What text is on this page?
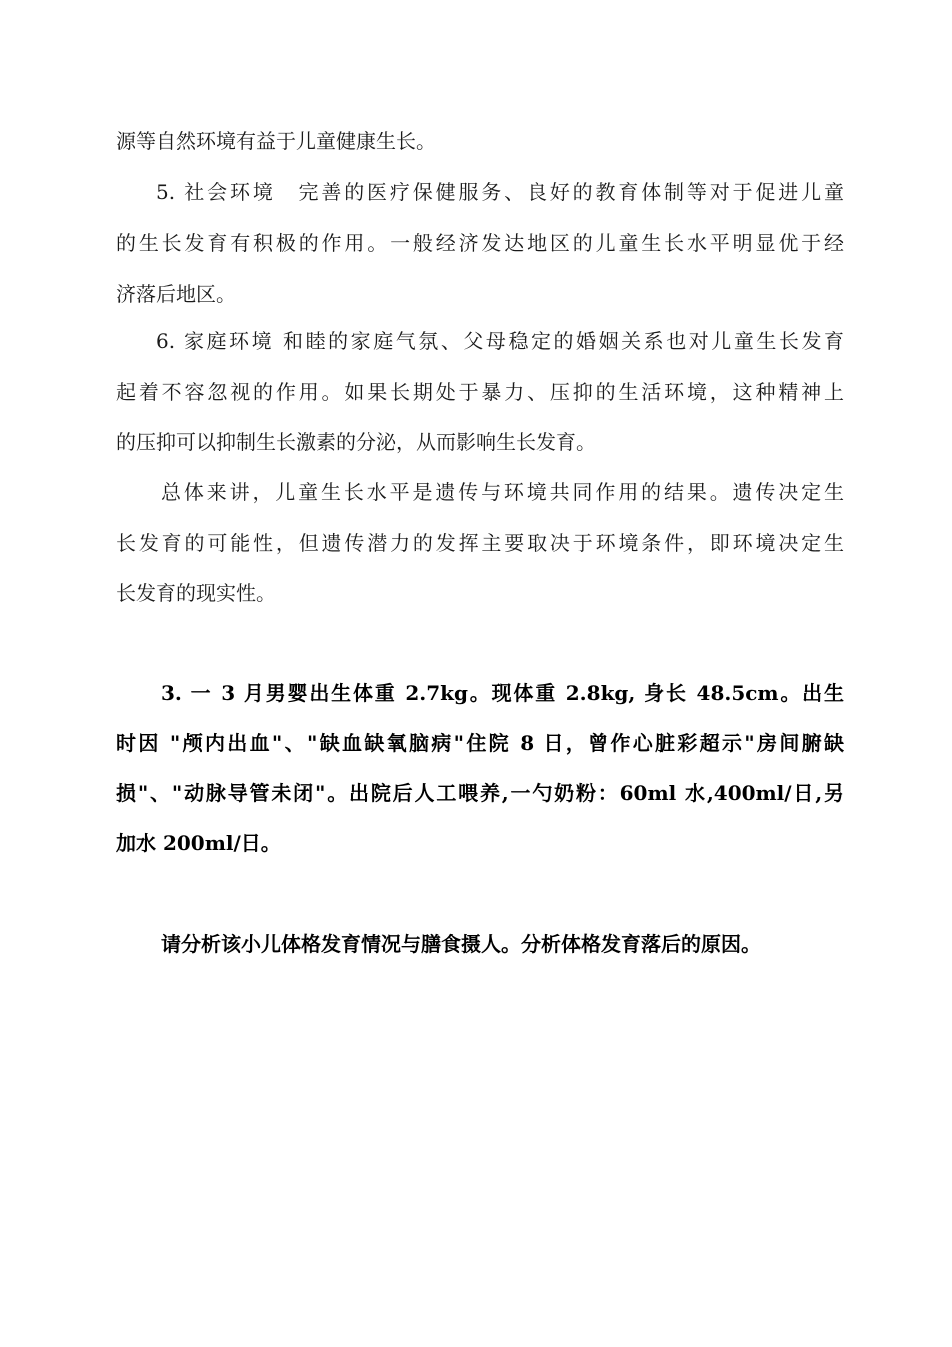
源等自然环境有益于儿童健康生长。
5. 社会环境　完善的医疗保健服务、良好的教育体制等对于促进儿童
的生长发育有积极的作用。一般经济发达地区的儿童生长水平明显优于经
济落后地区。
6. 家庭环境 和睦的家庭气氛、父母稳定的婚姻关系也对儿童生长发育
起着不容忽视的作用。如果长期处于暴力、压抑的生活环境，这种精神上
的压抑可以抑制生长激素的分泌，从而影响生长发育。
总体来讲，儿童生长水平是遗传与环境共同作用的结果。遗传决定生
长发育的可能性，但遗传潜力的发挥主要取决于环境条件，即环境决定生
长发育的现实性。
3. 一 3 月男婴出生体重 2.7kg。现体重 2.8kg, 身长 48.5cm。出生
时因 "颅内出血"、"缺血缺氧脑病"住院 8 日，曾作心脏彩超示"房间腑缺
损"、"动脉导管未闭"。出院后人工喂养,一勺奶粉：60ml 水,400ml/日,另
加水 200ml/日。
请分析该小儿体格发育情况与膳食摄人。分析体格发育落后的原因。
